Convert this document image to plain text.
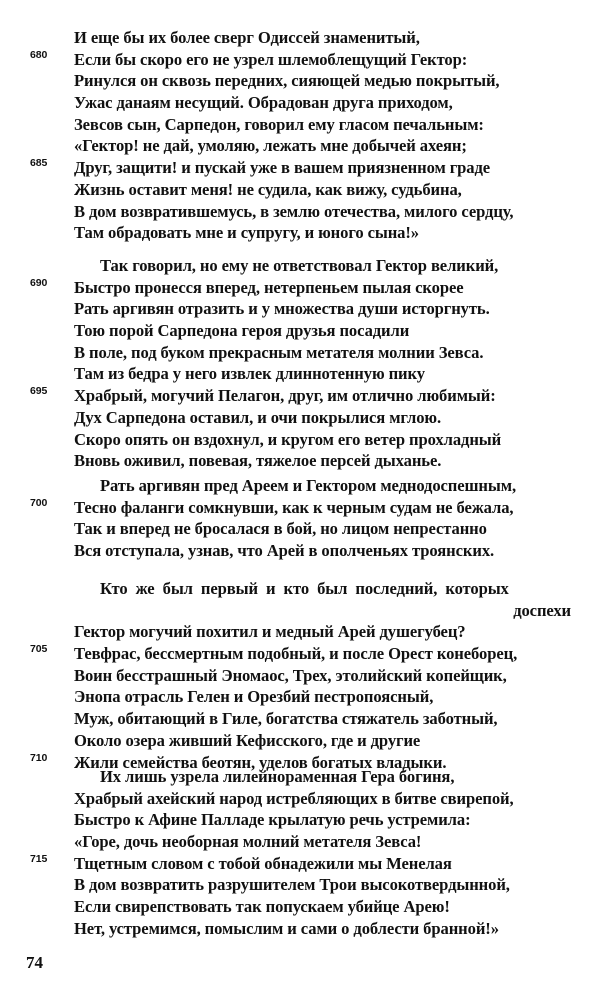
И еще бы их более сверг Одиссей знаменитый,
680 Если бы скоро его не узрел шлемоблещущий Гектор:
Ринулся он сквозь передних, сияющей медью покрытый,
Ужас данаям несущий. Обрадован друга приходом,
Зевсов сын, Сарпедон, говорил ему гласом печальным:
«Гектор! не дай, умоляю, лежать мне добычей ахеян;
685 Друг, защити! и пускай уже в вашем приязненном граде
Жизнь оставит меня! не судила, как вижу, судьбина,
В дом возвратившемусь, в землю отечества, милого сердцу,
Там обрадовать мне и супругу, и юного сына!»
Так говорил, но ему не ответствовал Гектор великий,
690 Быстро пронесся вперед, нетерпеньем пылая скорее
Рать аргивян отразить и у множества души исторгнуть.
Тою порой Сарпедона героя друзья посадили
В поле, под буком прекрасным метателя молнии Зевса.
Там из бедра у него извлек длиннотенную пику
695 Храбрый, могучий Пелагон, друг, им отлично любимый:
Дух Сарпедона оставил, и очи покрылися мглою.
Скоро опять он вздохнул, и кругом его ветер прохладный
Вновь оживил, повевая, тяжелое персей дыханье.
Рать аргивян пред Ареем и Гектором меднодоспешным,
700 Тесно фаланги сомкнувши, как к черным судам не бежала,
Так и вперед не бросалася в бой, но лицом непрестанно
Вся отступала, узнав, что Арей в ополченьях троянских.
Кто же был первый и кто был последний, которых
доспехи
Гектор могучий похитил и медный Арей душегубец?
705 Тевфрас, бессмертным подобный, и после Орест конеборец,
Воин бесстрашный Эномаос, Трех, этолийский копейщик,
Энопа отрасль Гелен и Орезбий пестропоясный,
Муж, обитающий в Гиле, богатства стяжатель заботный,
Около озера живший Кефисского, где и другие
710 Жили семейства беотян, уделов богатых владыки.
Их лишь узрела лилейнораменная Гера богиня,
Храбрый ахейский народ истребляющих в битве свирепой,
Быстро к Афине Палладе крылатую речь устремила:
«Горе, дочь необорная молний метателя Зевса!
715 Тщетным словом с тобой обнадежили мы Менелая
В дом возвратить разрушителем Трои высокотвердынной,
Если свирепствовать так попускаем убийце Арею!
Нет, устремимся, помыслим и сами о доблести бранной!»
74
